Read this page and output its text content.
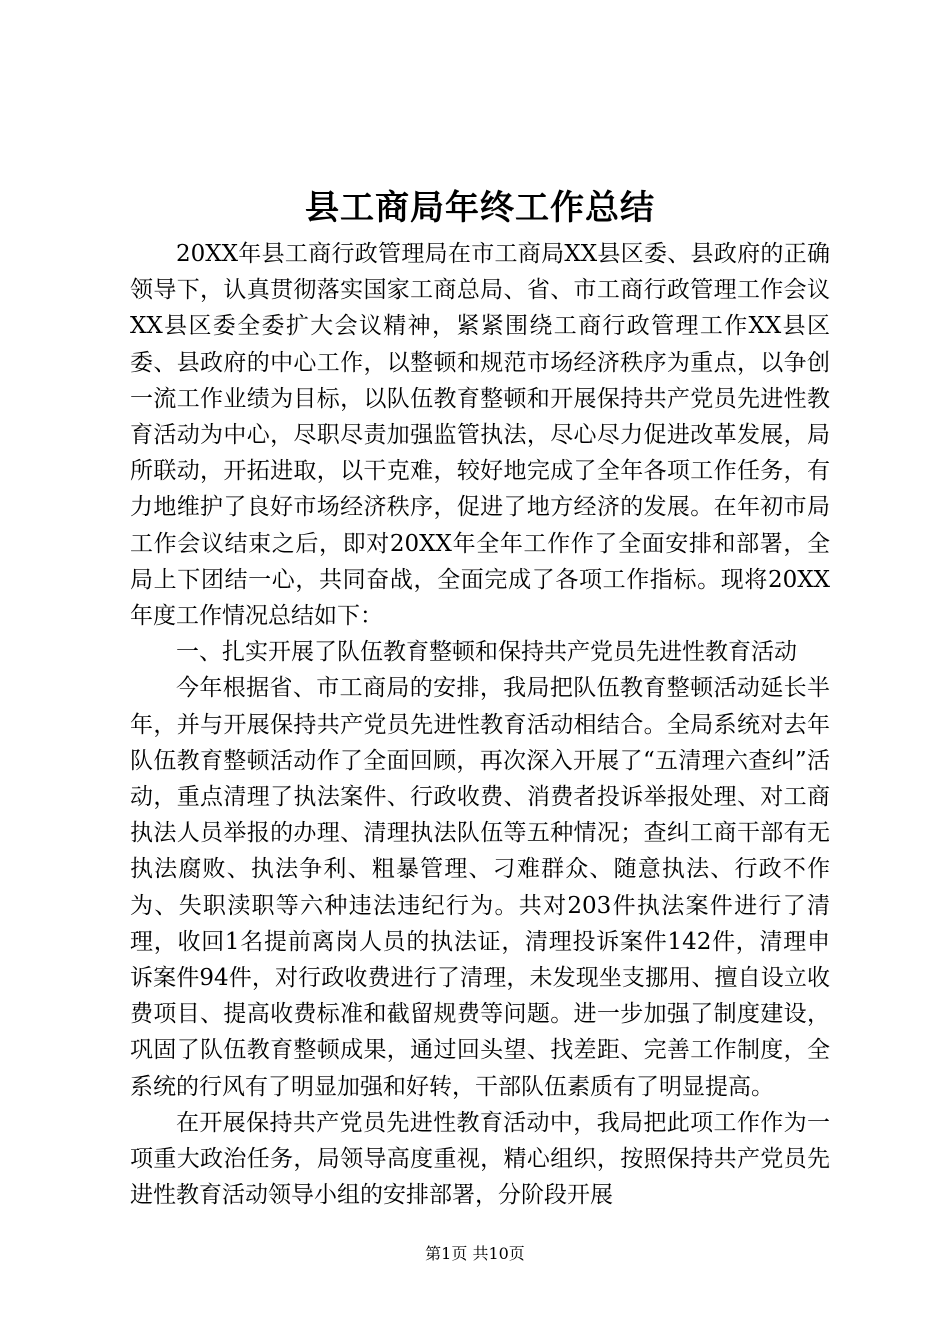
县工商局年终工作总结

20XX年县工商行政管理局在市工商局XX县区委、县政府的正确领导下，认真贯彻落实国家工商总局、省、市工商行政管理工作会议XX县区委全委扩大会议精神，紧紧围绕工商行政管理工作XX县区委、县政府的中心工作，以整顿和规范市场经济秩序为重点，以争创一流工作业绩为目标，以队伍教育整顿和开展保持共产党员先进性教育活动为中心，尽职尽责加强监管执法，尽心尽力促进改革发展，局所联动，开拓进取，以干克难，较好地完成了全年各项工作任务，有力地维护了良好市场经济秩序，促进了地方经济的发展。在年初市局工作会议结束之后，即对20XX年全年工作作了全面安排和部署，全局上下团结一心，共同奋战，全面完成了各项工作指标。现将20XX年度工作情况总结如下：

一、扎实开展了队伍教育整顿和保持共产党员先进性教育活动

今年根据省、市工商局的安排，我局把队伍教育整顿活动延长半年，并与开展保持共产党员先进性教育活动相结合。全局系统对去年队伍教育整顿活动作了全面回顾，再次深入开展了“五清理六查纠”活动，重点清理了执法案件、行政收费、消费者投诉举报处理、对工商执法人员举报的办理、清理执法队伍等五种情况；查纠工商干部有无执法腐败、执法争利、粗暴管理、刁难群众、随意执法、行政不作为、失职渎职等六种违法违纪行为。共对203件执法案件进行了清理，收回1名提前离岗人员的执法证，清理投诉案件142件，清理申诉案件94件，对行政收费进行了清理，未发现坐支挪用、擅自设立收费项目、提高收费标准和截留规费等问题。进一步加强了制度建设，巩固了队伍教育整顿成果，通过回头望、找差距、完善工作制度，全系统的行风有了明显加强和好转，干部队伍素质有了明显提高。

在开展保持共产党员先进性教育活动中，我局把此项工作作为一项重大政治任务，局领导高度重视，精心组织，按照保持共产党员先进性教育活动领导小组的安排部署，分阶段开展

第1页 共10页
